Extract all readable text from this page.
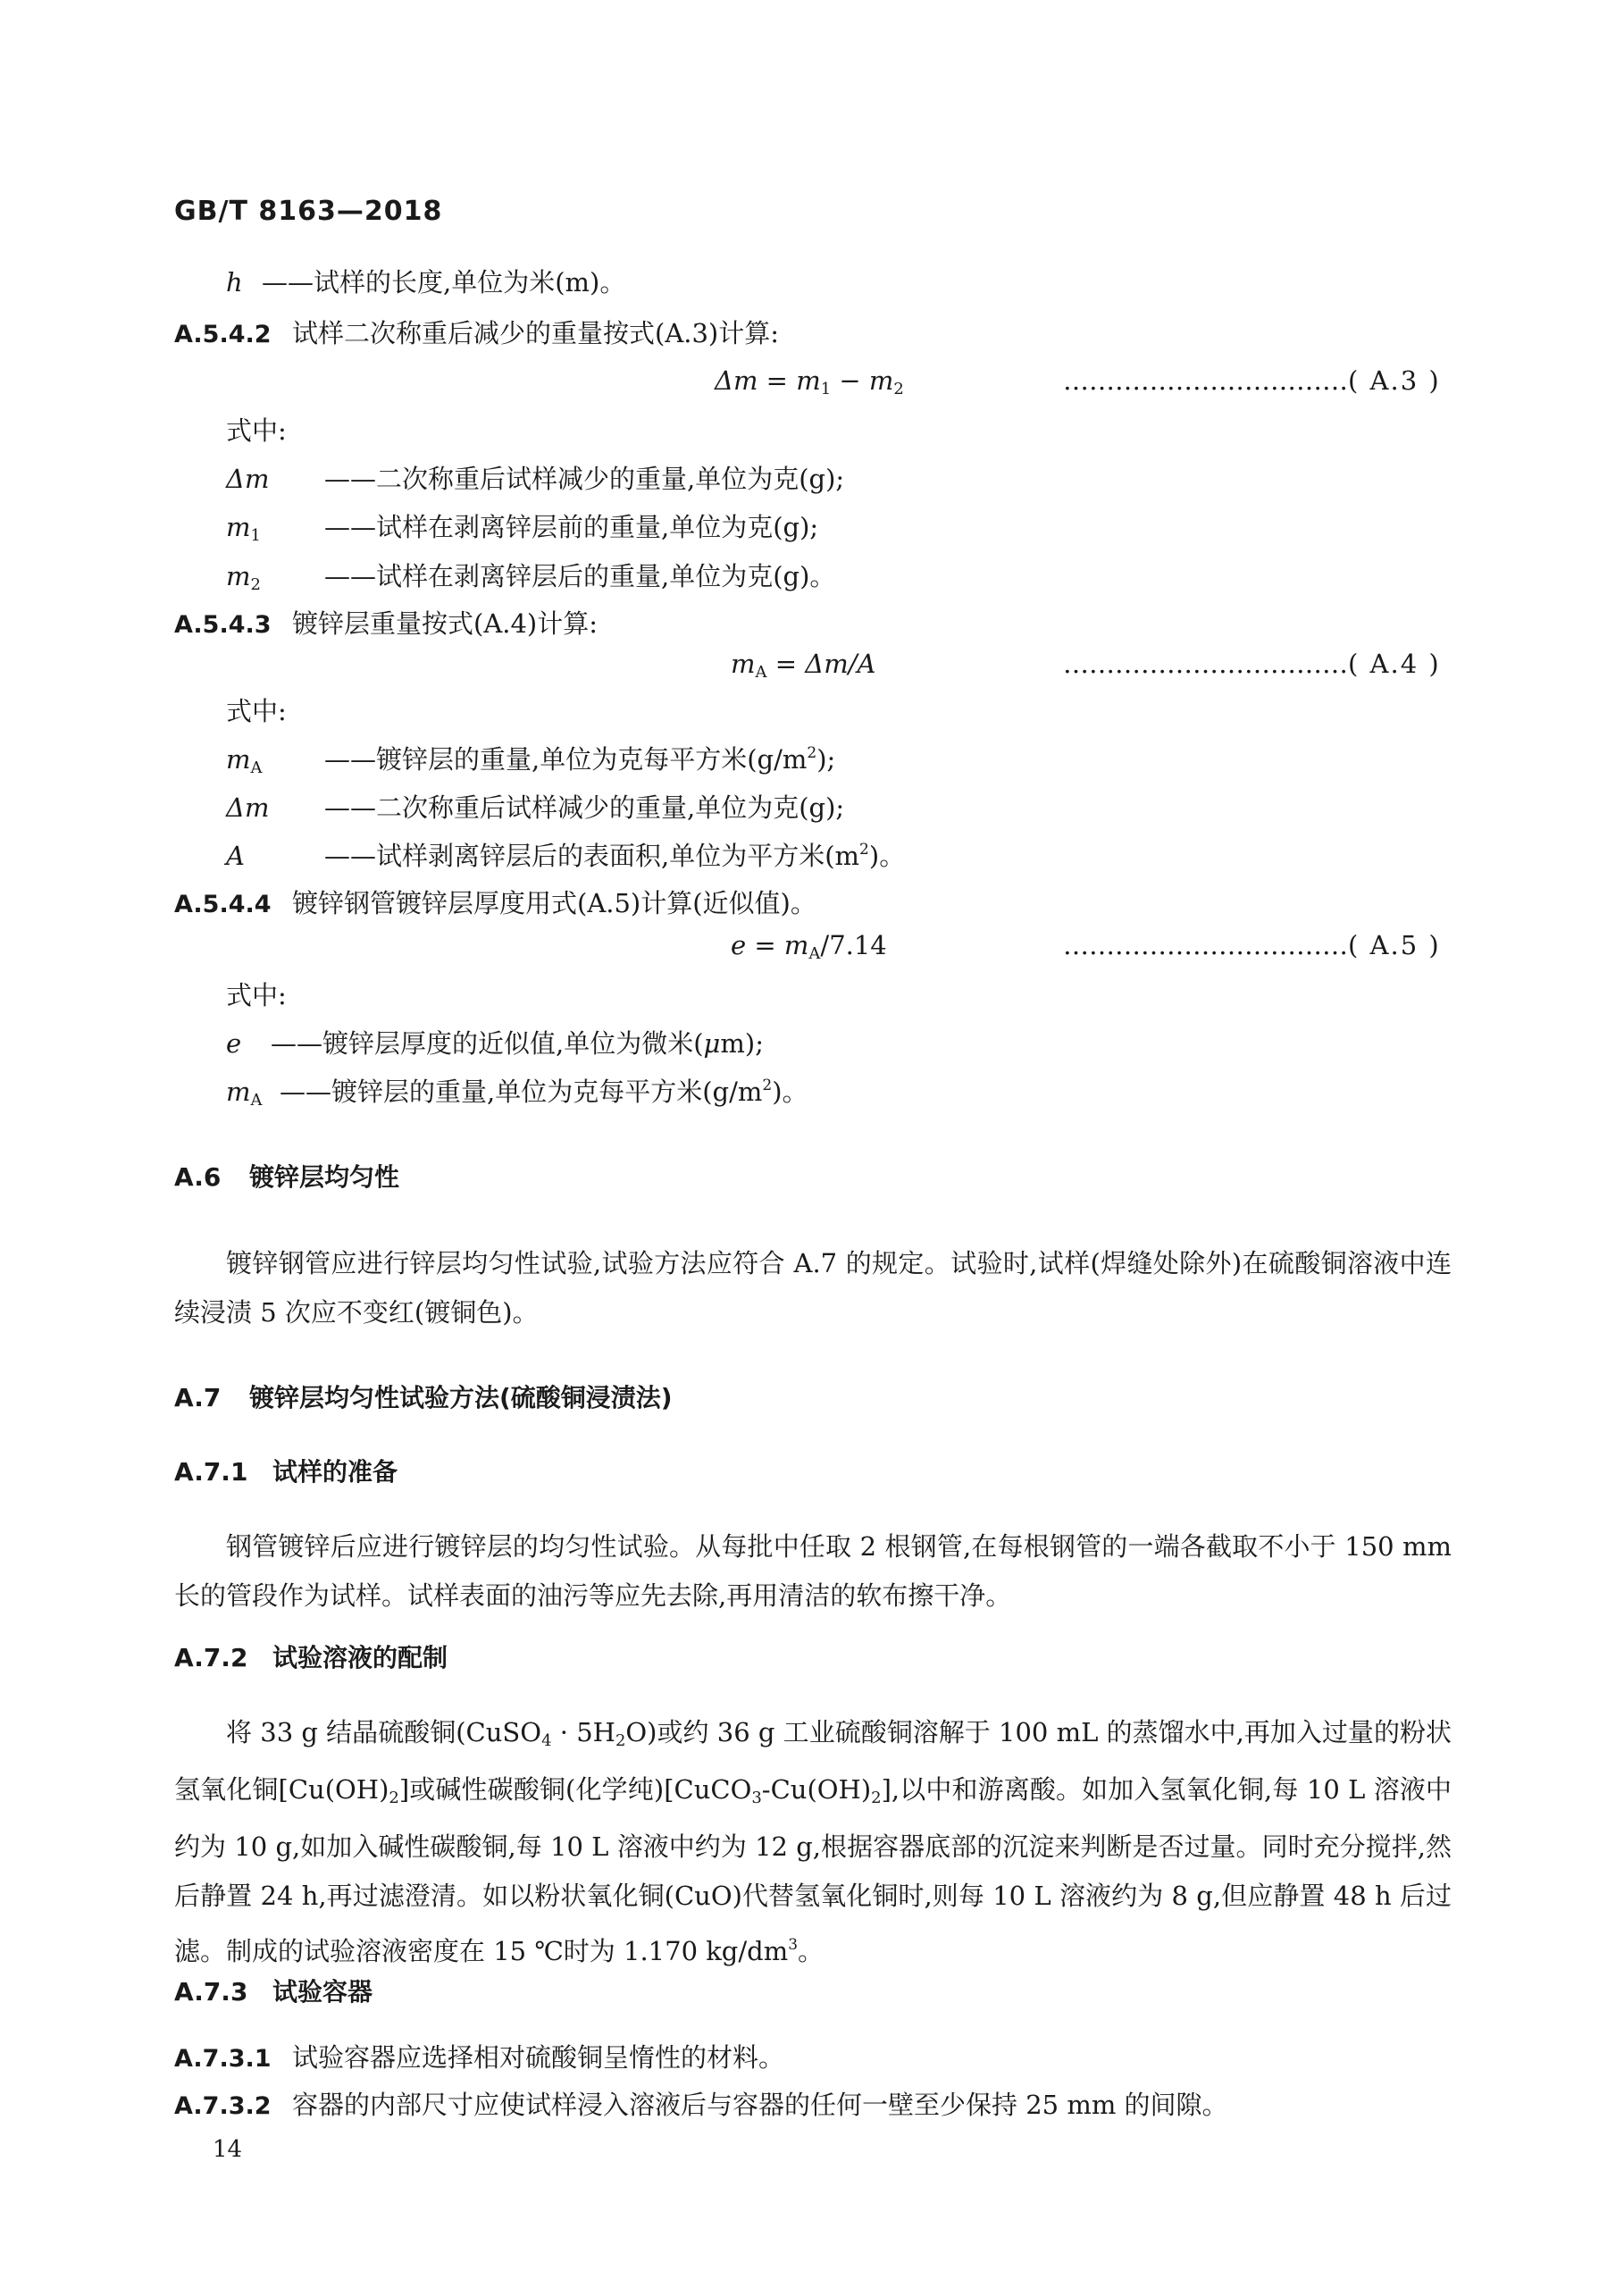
GB/T 8163—2018
h ——试样的长度,单位为米(m)。
A.5.4.2 试样二次称重后减少的重量按式(A.3)计算:
$\Delta m = m_1 - m_2$	……………………………( A.3 )
式中:
Δm ——二次称重后试样减少的重量,单位为克(g);
$m_1$ ——试样在剥离锌层前的重量,单位为克(g);
$m_2$ ——试样在剥离锌层后的重量,单位为克(g)。
A.5.4.3 镀锌层重量按式(A.4)计算:
$m_A = \Delta m/A$	……………………………( A.4 )
式中:
$m_A$ ——镀锌层的重量,单位为克每平方米$(g/m^2)$;
Δm ——二次称重后试样减少的重量,单位为克(g);
A	——试样剥离锌层后的表面积,单位为平方米$(m^2)$。
A.5.4.4 镀锌钢管镀锌层厚度用式(A.5)计算(近似值)。
$e = m_A/7.14$	……………………………( A.5 )
式中:
e ——镀锌层厚度的近似值,单位为微米(μm);
$m_A$ ——镀锌层的重量,单位为克每平方米$(g/m^2)$。
A.6 镀锌层均匀性
镀锌钢管应进行锌层均匀性试验,试验方法应符合 A.7 的规定。试验时,试样(焊缝处除外)在硫酸铜溶液中连续浸渍 5 次应不变红(镀铜色)。
A.7 镀锌层均匀性试验方法(硫酸铜浸渍法)
A.7.1 试样的准备
钢管镀锌后应进行镀锌层的均匀性试验。从每批中任取 2 根钢管,在每根钢管的一端各截取不小于 150 mm 长的管段作为试样。试样表面的油污等应先去除,再用清洁的软布擦干净。
A.7.2 试验溶液的配制
将 33 g 结晶硫酸铜(CuSO$_4$ · $5H_2O$)或约 36 g 工业硫酸铜溶解于 100 mL 的蒸馏水中,再加入过量的粉状氢氧化铜$[Cu(OH)_2]$或碱性碳酸铜(化学纯)$[CuCO_3-Cu(OH)_2]$,以中和游离酸。如加入氢氧化铜,每 10 L 溶液中约为 10 g,如加入碱性碳酸铜,每 10 L 溶液中约为 12 g,根据容器底部的沉淀来判断是否过量。同时充分搅拌,然后静置 24 h,再过滤澄清。如以粉状氧化铜(CuO)代替氢氧化铜时,则每 10 L 溶液约为 8 g,但应静置 48 h 后过滤。制成的试验溶液密度在 15 ℃时为 1.170 $kg/dm^3$。
A.7.3 试验容器
A.7.3.1 试验容器应选择相对硫酸铜呈惰性的材料。
A.7.3.2 容器的内部尺寸应使试样浸入溶液后与容器的任何一壁至少保持 25 mm 的间隙。
14
